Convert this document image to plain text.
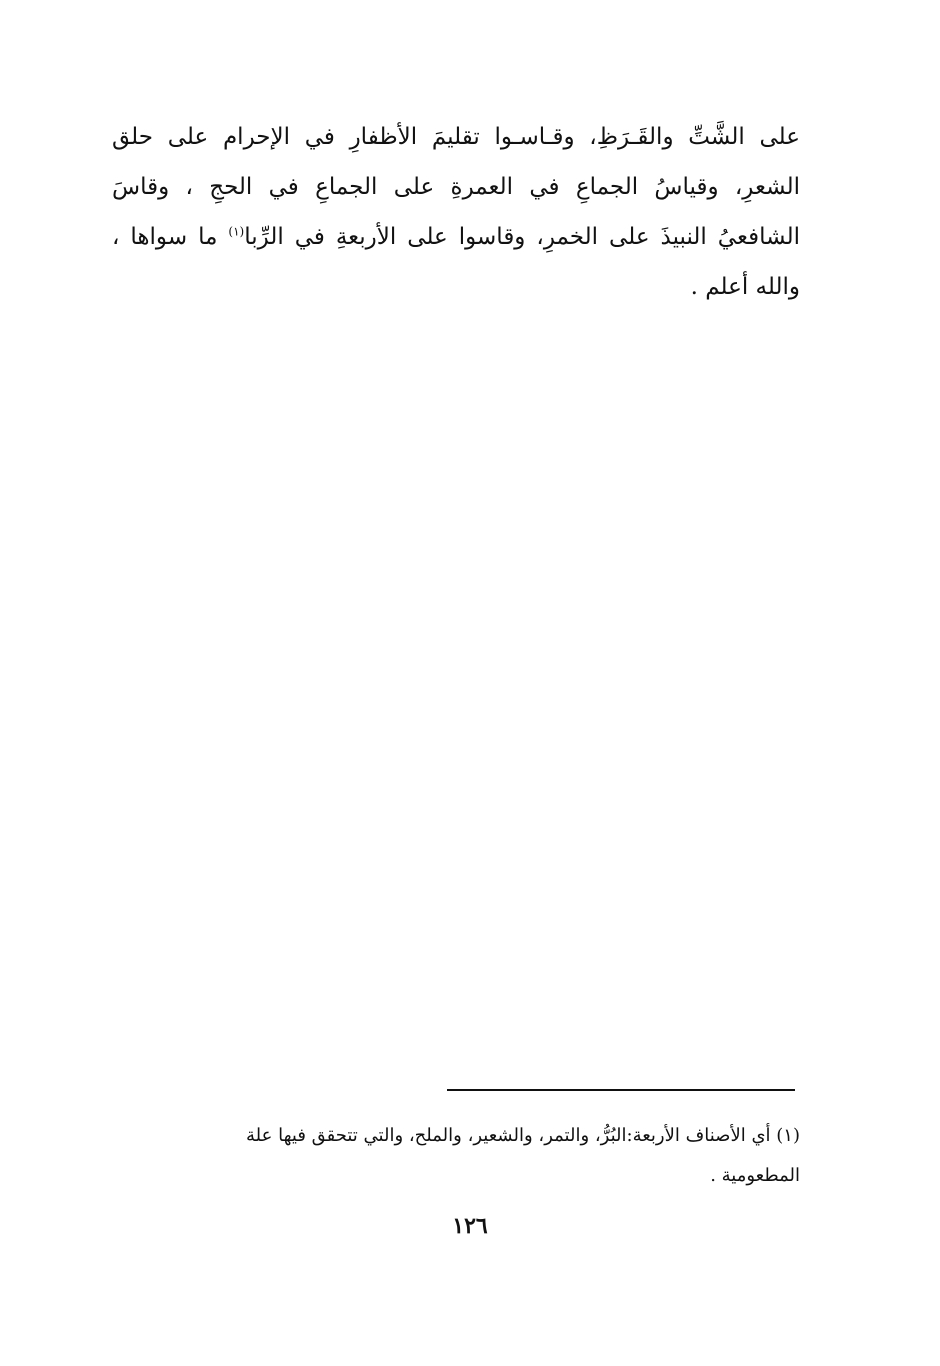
على الشَّتِّ والقَـرَظِ، وقـاسـوا تقليمَ الأظفارِ في الإحرام على حلق
الشعرِ، وقياسُ الجماعِ في العمرةِ على الجماعِ في الحجِ ، وقاسَ
الشافعيُ النبيذَ على الخمرِ، وقاسوا على الأربعةِ في الرِّبا$^{(١)}$ ما سواها ،
والله أعلم .
(١) أي الأصناف الأربعة:البُرُّ، والتمر، والشعير، والملح، والتي تتحقق فيها علة
المطعومية .
١٢٦
